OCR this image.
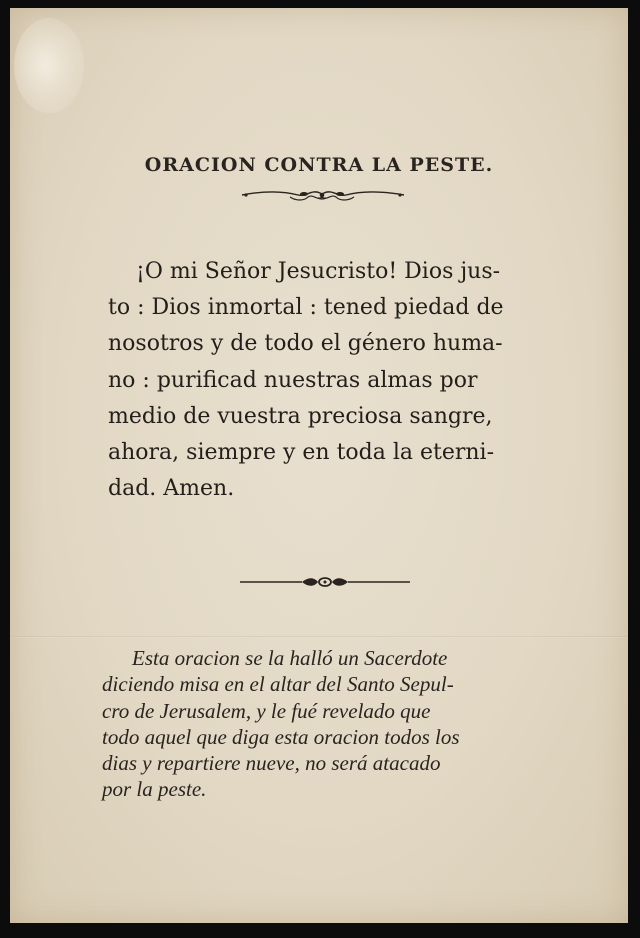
ORACION CONTRA LA PESTE.

¡O mi Señor Jesucristo! Dios jus-
to : Dios inmortal : tened piedad de
nosotros y de todo el género huma-
no : purificad nuestras almas por
medio de vuestra preciosa sangre,
ahora, siempre y en toda la eterni-
dad. Amen.

Esta oracion se la halló un Sacerdote
diciendo misa en el altar del Santo Sepul-
cro de Jerusalem, y le fué revelado que
todo aquel que diga esta oracion todos los
dias y repartiere nueve, no será atacado
por la peste.
